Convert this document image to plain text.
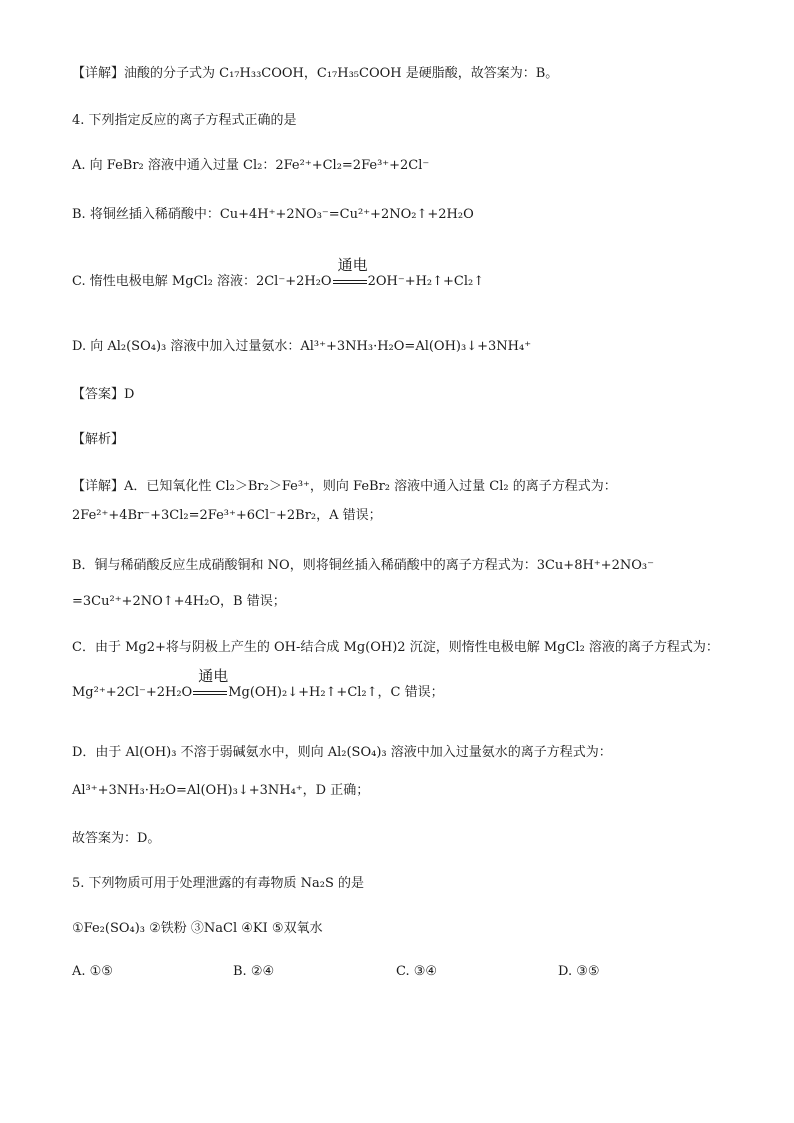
【详解】油酸的分子式为 C₁₇H₃₃COOH，C₁₇H₃₅COOH 是硬脂酸，故答案为：B。
4. 下列指定反应的离子方程式正确的是
A. 向 FeBr₂ 溶液中通入过量 Cl₂：2Fe²⁺+Cl₂=2Fe³⁺+2Cl⁻
B. 将铜丝插入稀硝酸中：Cu+4H⁺+2NO₃⁻=Cu²⁺+2NO₂↑+2H₂O
C. 惰性电极电解 MgCl₂ 溶液：2Cl⁻+2H₂O
通电
2OH⁻+H₂↑+Cl₂↑
D. 向 Al₂(SO₄)₃ 溶液中加入过量氨水：Al³⁺+3NH₃·H₂O=Al(OH)₃↓+3NH₄⁺
【答案】D
【解析】
【详解】A．已知氧化性 Cl₂＞Br₂＞Fe³⁺，则向 FeBr₂ 溶液中通入过量 Cl₂ 的离子方程式为：
2Fe²⁺+4Br⁻+3Cl₂=2Fe³⁺+6Cl⁻+2Br₂，A 错误；
B．铜与稀硝酸反应生成硝酸铜和 NO，则将铜丝插入稀硝酸中的离子方程式为：3Cu+8H⁺+2NO₃⁻
=3Cu²⁺+2NO↑+4H₂O，B 错误；
C．由于 Mg2+将与阴极上产生的 OH-结合成 Mg(OH)2 沉淀，则惰性电极电解 MgCl₂ 溶液的离子方程式为：
Mg²⁺+2Cl⁻+2H₂O
通电
Mg(OH)₂↓+H₂↑+Cl₂↑，C 错误；
D．由于 Al(OH)₃ 不溶于弱碱氨水中，则向 Al₂(SO₄)₃ 溶液中加入过量氨水的离子方程式为：
Al³⁺+3NH₃·H₂O=Al(OH)₃↓+3NH₄⁺，D 正确；
故答案为：D。
5. 下列物质可用于处理泄露的有毒物质 Na₂S 的是
①Fe₂(SO₄)₃ ②铁粉 ③NaCl ④KI ⑤双氧水
A. ①⑤	B. ②④	C. ③④	D. ③⑤
